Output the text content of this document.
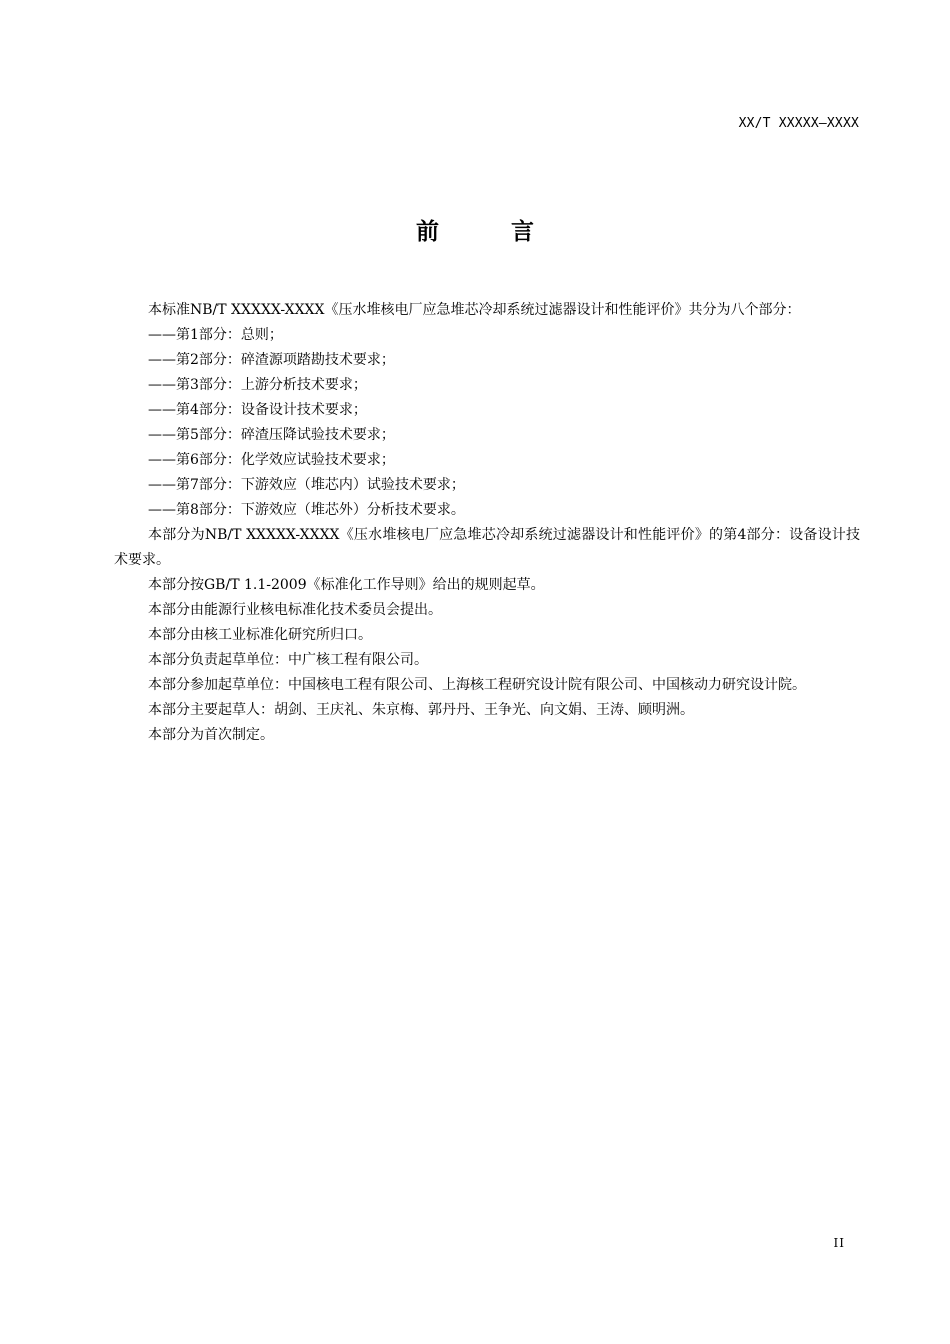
XX/T XXXXX—XXXX
前 言

本标准NB/T XXXXX-XXXX《压水堆核电厂应急堆芯冷却系统过滤器设计和性能评价》共分为八个部分：

——第1部分：总则；

——第2部分：碎渣源项踏勘技术要求；

——第3部分：上游分析技术要求；

——第4部分：设备设计技术要求；

——第5部分：碎渣压降试验技术要求；

——第6部分：化学效应试验技术要求；

——第7部分：下游效应（堆芯内）试验技术要求；

——第8部分：下游效应（堆芯外）分析技术要求。

本部分为NB/T XXXXX-XXXX《压水堆核电厂应急堆芯冷却系统过滤器设计和性能评价》的第4部分：设备设计技术要求。

本部分按GB/T 1.1-2009《标准化工作导则》给出的规则起草。

本部分由能源行业核电标准化技术委员会提出。

本部分由核工业标准化研究所归口。

本部分负责起草单位：中广核工程有限公司。

本部分参加起草单位：中国核电工程有限公司、上海核工程研究设计院有限公司、中国核动力研究设计院。

本部分主要起草人：胡剑、王庆礼、朱京梅、郭丹丹、王争光、向文娟、王涛、顾明洲。

本部分为首次制定。

II
